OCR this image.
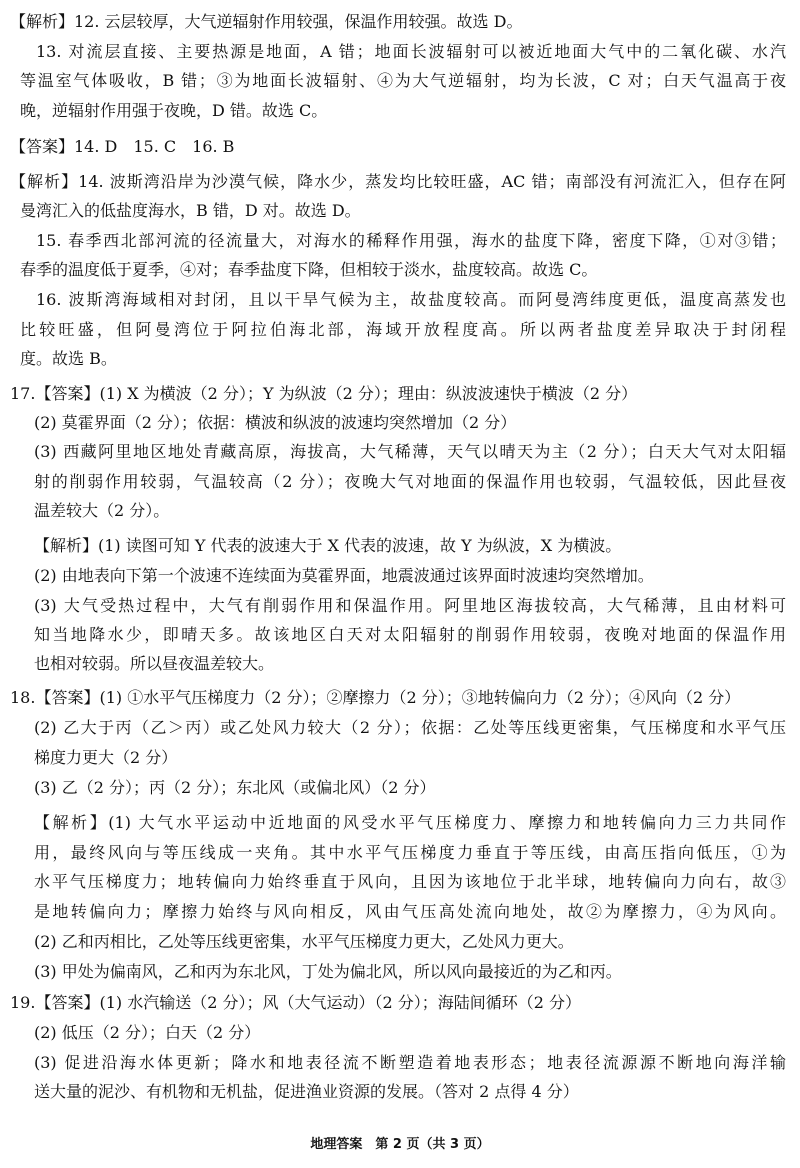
【解析】12. 云层较厚，大气逆辐射作用较强，保温作用较强。故选 D。
13. 对流层直接、主要热源是地面，A 错；地面长波辐射可以被近地面大气中的二氧化碳、水汽
等温室气体吸收，B 错；③为地面长波辐射、④为大气逆辐射，均为长波，C 对；白天气温高于夜
晚，逆辐射作用强于夜晚，D 错。故选 C。
【答案】14. D　15. C　16. B
【解析】14. 波斯湾沿岸为沙漠气候，降水少，蒸发均比较旺盛，AC 错；南部没有河流汇入，但存在阿
曼湾汇入的低盐度海水，B 错，D 对。故选 D。
15. 春季西北部河流的径流量大，对海水的稀释作用强，海水的盐度下降，密度下降，①对③错；
春季的温度低于夏季，④对；春季盐度下降，但相较于淡水，盐度较高。故选 C。
16. 波斯湾海域相对封闭，且以干旱气候为主，故盐度较高。而阿曼湾纬度更低，温度高蒸发也
比较旺盛，但阿曼湾位于阿拉伯海北部，海域开放程度高。所以两者盐度差异取决于封闭程
度。故选 B。
17.【答案】(1) X 为横波（2 分）；Y 为纵波（2 分）；理由：纵波波速快于横波（2 分）
(2) 莫霍界面（2 分）；依据：横波和纵波的波速均突然增加（2 分）
(3) 西藏阿里地区地处青藏高原，海拔高，大气稀薄，天气以晴天为主（2 分）；白天大气对太阳辐
射的削弱作用较弱，气温较高（2 分）；夜晚大气对地面的保温作用也较弱，气温较低，因此昼夜
温差较大（2 分）。
【解析】(1) 读图可知 Y 代表的波速大于 X 代表的波速，故 Y 为纵波，X 为横波。
(2) 由地表向下第一个波速不连续面为莫霍界面，地震波通过该界面时波速均突然增加。
(3) 大气受热过程中，大气有削弱作用和保温作用。阿里地区海拔较高，大气稀薄，且由材料可
知当地降水少，即晴天多。故该地区白天对太阳辐射的削弱作用较弱，夜晚对地面的保温作用
也相对较弱。所以昼夜温差较大。
18.【答案】(1) ①水平气压梯度力（2 分）；②摩擦力（2 分）；③地转偏向力（2 分）；④风向（2 分）
(2) 乙大于丙（乙＞丙）或乙处风力较大（2 分）；依据：乙处等压线更密集，气压梯度和水平气压
梯度力更大（2 分）
(3) 乙（2 分）；丙（2 分）；东北风（或偏北风）（2 分）
【解析】(1) 大气水平运动中近地面的风受水平气压梯度力、摩擦力和地转偏向力三力共同作
用，最终风向与等压线成一夹角。其中水平气压梯度力垂直于等压线，由高压指向低压，①为
水平气压梯度力；地转偏向力始终垂直于风向，且因为该地位于北半球，地转偏向力向右，故③
是地转偏向力；摩擦力始终与风向相反，风由气压高处流向地处，故②为摩擦力，④为风向。
(2) 乙和丙相比，乙处等压线更密集，水平气压梯度力更大，乙处风力更大。
(3) 甲处为偏南风，乙和丙为东北风，丁处为偏北风，所以风向最接近的为乙和丙。
19.【答案】(1) 水汽输送（2 分）；风（大气运动）（2 分）；海陆间循环（2 分）
(2) 低压（2 分）；白天（2 分）
(3) 促进沿海水体更新；降水和地表径流不断塑造着地表形态；地表径流源源不断地向海洋输
送大量的泥沙、有机物和无机盐，促进渔业资源的发展。（答对 2 点得 4 分）
地理答案　第 2 页（共 3 页）
